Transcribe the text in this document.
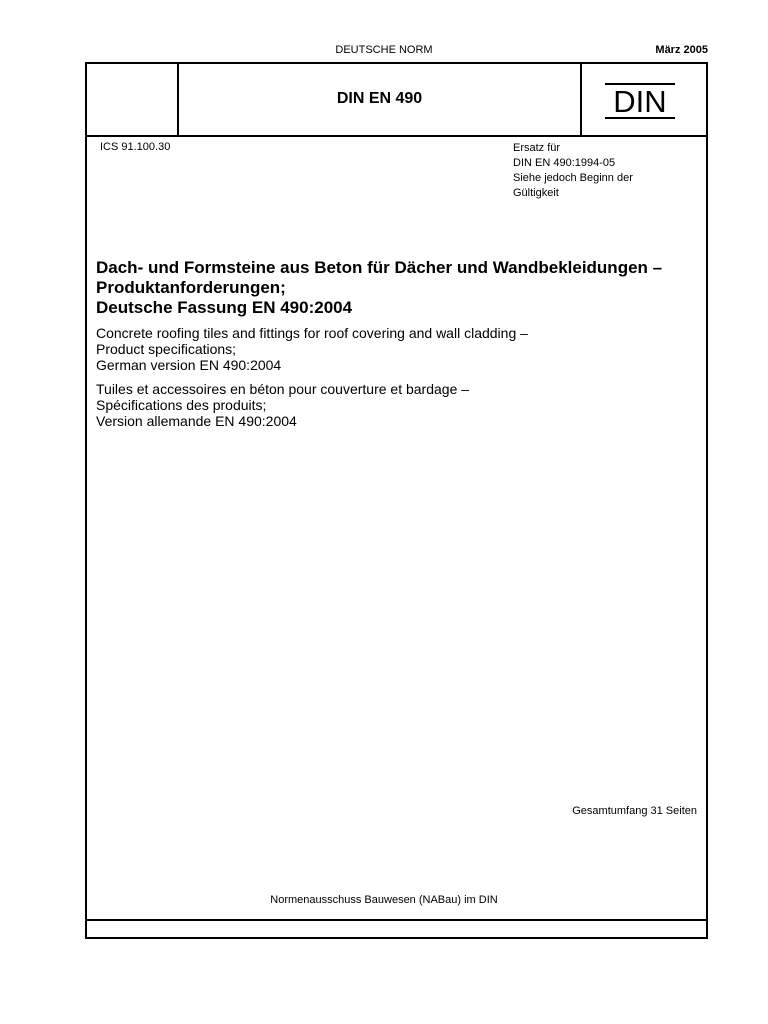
DEUTSCHE NORM	März 2005
DIN EN 490	DIN
ICS 91.100.30	Ersatz für
DIN EN 490:1994-05
Siehe jedoch Beginn der
Gültigkeit
Dach- und Formsteine aus Beton für Dächer und Wandbekleidungen –
Produktanforderungen;
Deutsche Fassung EN 490:2004
Concrete roofing tiles and fittings for roof covering and wall cladding –
Product specifications;
German version EN 490:2004
Tuiles et accessoires en béton pour couverture et bardage –
Spécifications des produits;
Version allemande EN 490:2004
Gesamtumfang 31 Seiten
Normenausschuss Bauwesen (NABau) im DIN
